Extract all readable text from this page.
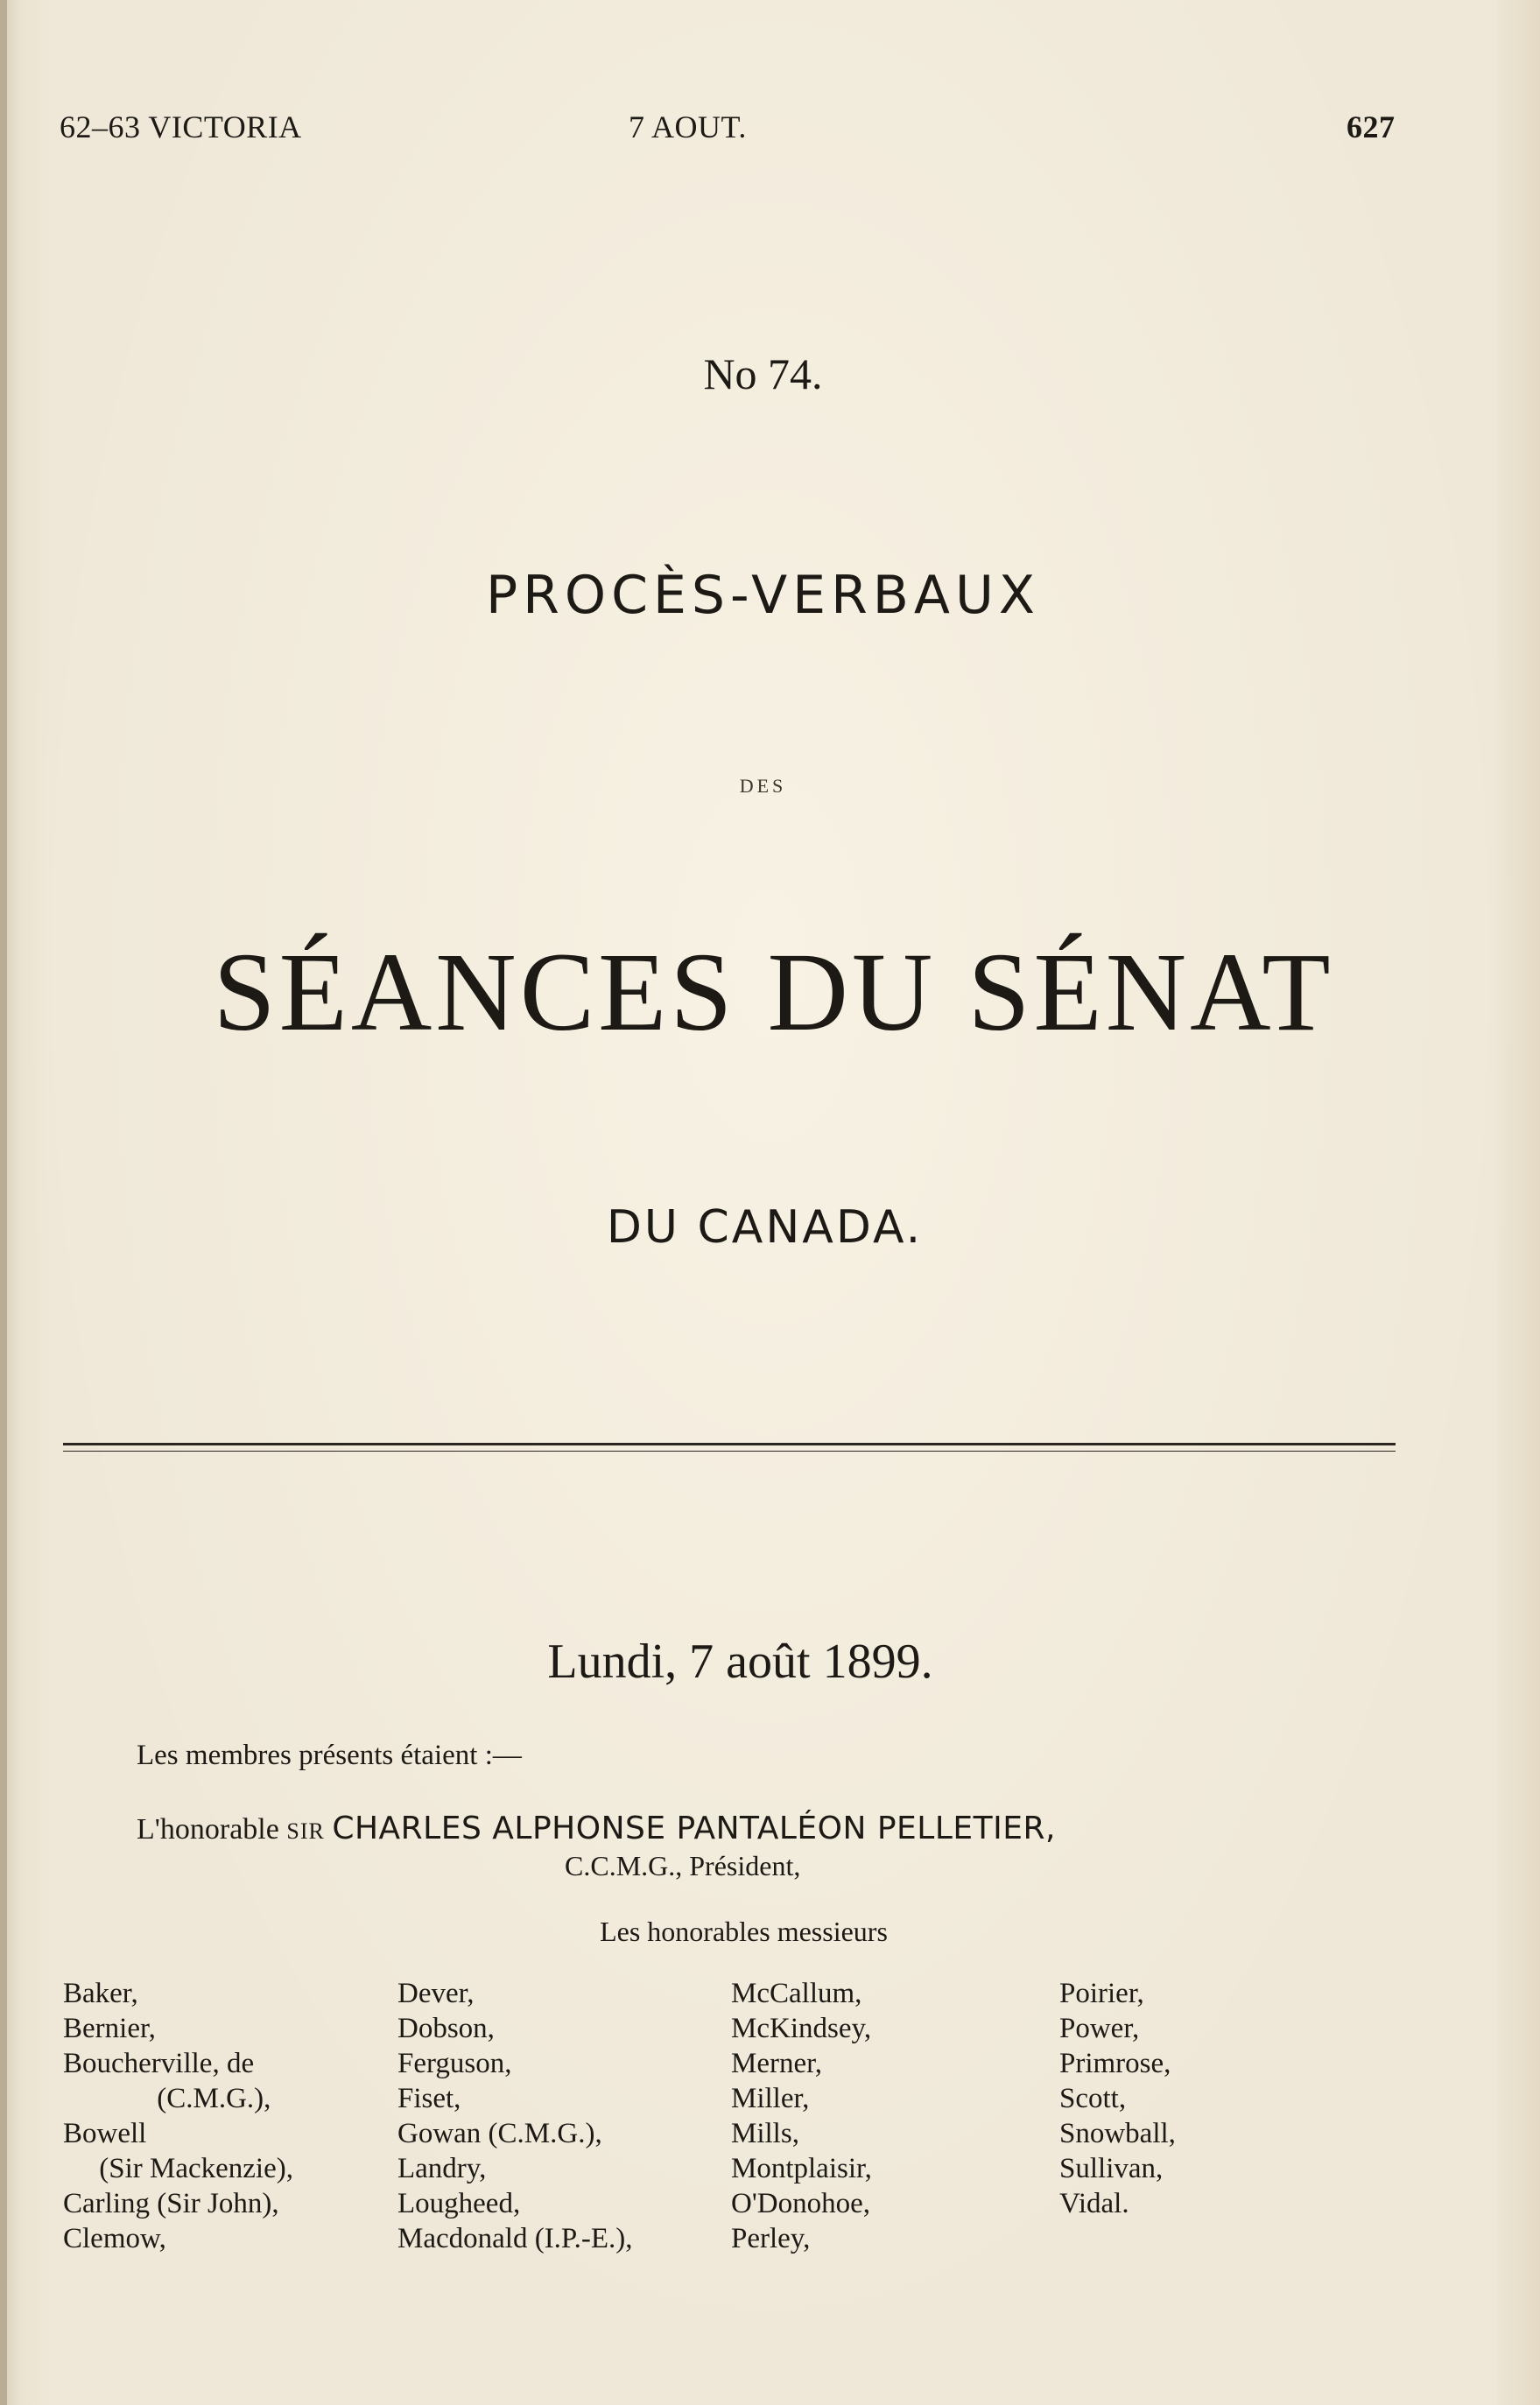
62–63 VICTORIA	7 AOUT.	627
No 74.
PROCÈS-VERBAUX
DES
SÉANCES DU SÉNAT
DU CANADA.
Lundi, 7 août 1899.
Les membres présents étaient :—
L'honorable SIR CHARLES ALPHONSE PANTALÉON PELLETIER,
C.C.M.G., Président,
Les honorables messieurs
Baker,
Bernier,
Boucherville, de
(C.M.G.),
Bowell
(Sir Mackenzie),
Carling (Sir John),
Clemow,
Dever,
Dobson,
Ferguson,
Fiset,
Gowan (C.M.G.),
Landry,
Lougheed,
Macdonald (I.P.-E.),
McCallum,
McKindsey,
Merner,
Miller,
Mills,
Montplaisir,
O'Donohoe,
Perley,
Poirier,
Power,
Primrose,
Scott,
Snowball,
Sullivan,
Vidal.
